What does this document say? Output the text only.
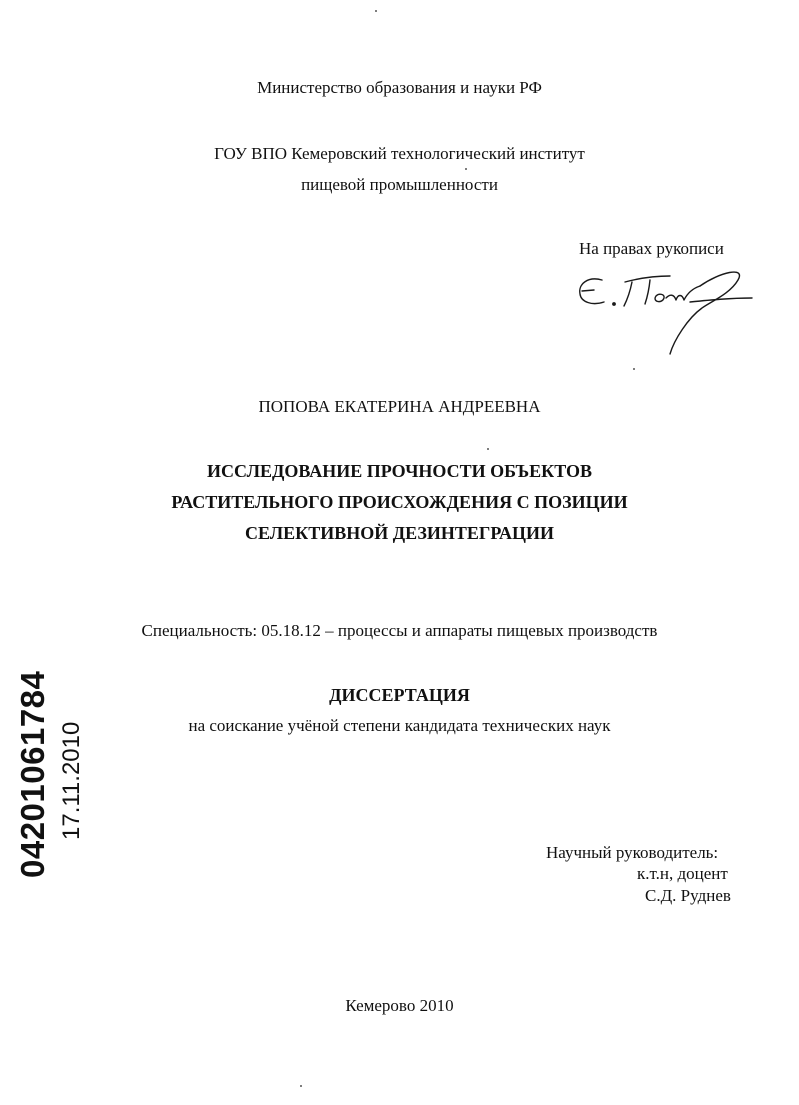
Министерство образования и науки РФ
ГОУ ВПО Кемеровский технологический институт
пищевой промышленности
На правах рукописи
ПОПОВА ЕКАТЕРИНА АНДРЕЕВНА
ИССЛЕДОВАНИЕ ПРОЧНОСТИ ОБЪЕКТОВ
РАСТИТЕЛЬНОГО ПРОИСХОЖДЕНИЯ С ПОЗИЦИИ
СЕЛЕКТИВНОЙ ДЕЗИНТЕГРАЦИИ
Специальность: 05.18.12 – процессы и аппараты пищевых производств
ДИССЕРТАЦИЯ
на соискание учёной степени кандидата технических наук
Научный руководитель:
к.т.н, доцент
С.Д. Руднев
Кемерово 2010
04201061784 17.11.2010
